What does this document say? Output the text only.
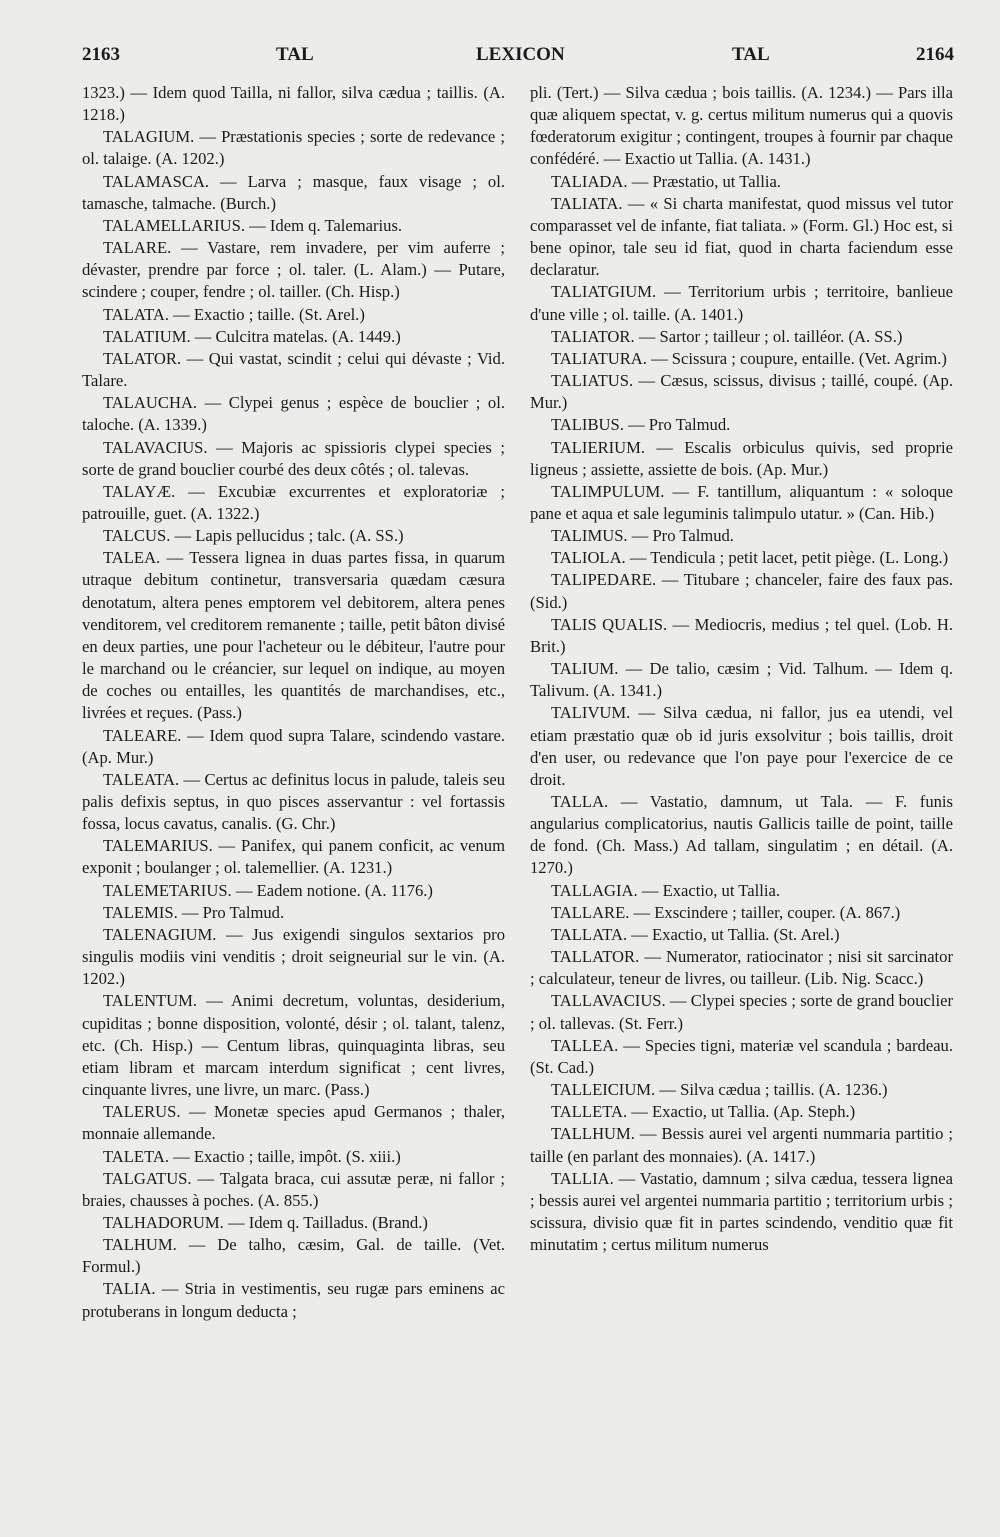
2163	TAL	LEXICON	TAL	2164

1323.) — Idem quod Tailla, ni fallor, silva cædua ; taillis. (A. 1218.)

TALAGIUM. — Præstationis species ; sorte de redevance ; ol. talaige. (A. 1202.)

TALAMASCA. — Larva ; masque, faux visage ; ol. tamasche, talmache. (Burch.)

TALAMELLARIUS. — Idem q. Talemarius.

TALARE. — Vastare, rem invadere, per vim auferre ; dévaster, prendre par force ; ol. taler. (L. Alam.) — Putare, scindere ; couper, fendre ; ol. tailler. (Ch. Hisp.)

TALATA. — Exactio ; taille. (St. Arel.)

TALATIUM. — Culcitra matelas. (A. 1449.)

TALATOR. — Qui vastat, scindit ; celui qui dévaste ; Vid. Talare.

TALAUCHA. — Clypei genus ; espèce de bouclier ; ol. taloche. (A. 1339.)

TALAVACIUS. — Majoris ac spissioris clypei species ; sorte de grand bouclier courbé des deux côtés ; ol. talevas.

TALAYÆ. — Excubiæ excurrentes et exploratoriæ ; patrouille, guet. (A. 1322.)

TALCUS. — Lapis pellucidus ; talc. (A. SS.)

TALEA. — Tessera lignea in duas partes fissa, in quarum utraque debitum continetur, transversaria quædam cæsura denotatum, altera penes emptorem vel debitorem, altera penes venditorem, vel creditorem remanente ; taille, petit bâton divisé en deux parties, une pour l'acheteur ou le débiteur, l'autre pour le marchand ou le créancier, sur lequel on indique, au moyen de coches ou entailles, les quantités de marchandises, etc., livrées et reçues. (Pass.)

TALEARE. — Idem quod supra Talare, scindendo vastare. (Ap. Mur.)

TALEATA. — Certus ac definitus locus in palude, taleis seu palis defixis septus, in quo pisces asservantur : vel fortassis fossa, locus cavatus, canalis. (G. Chr.)

TALEMARIUS. — Panifex, qui panem conficit, ac venum exponit ; boulanger ; ol. talemellier. (A. 1231.)

TALEMETARIUS. — Eadem notione. (A. 1176.)

TALEMIS. — Pro Talmud.

TALENAGIUM. — Jus exigendi singulos sextarios pro singulis modiis vini venditis ; droit seigneurial sur le vin. (A. 1202.)

TALENTUM. — Animi decretum, voluntas, desiderium, cupiditas ; bonne disposition, volonté, désir ; ol. talant, talenz, etc. (Ch. Hisp.) — Centum libras, quinquaginta libras, seu etiam libram et marcam interdum significat ; cent livres, cinquante livres, une livre, un marc. (Pass.)

TALERUS. — Monetæ species apud Germanos ; thaler, monnaie allemande.

TALETA. — Exactio ; taille, impôt. (S. xiii.)

TALGATUS. — Talgata braca, cui assutæ peræ, ni fallor ; braies, chausses à poches. (A. 855.)

TALHADORUM. — Idem q. Tailladus. (Brand.)

TALHUM. — De talho, cæsim, Gal. de taille. (Vet. Formul.)

TALIA. — Stria in vestimentis, seu rugæ pars eminens ac protuberans in longum deducta ;

pli. (Tert.) — Silva cædua ; bois taillis. (A. 1234.) — Pars illa quæ aliquem spectat, v. g. certus militum numerus qui a quovis fœderatorum exigitur ; contingent, troupes à fournir par chaque confédéré. — Exactio ut Tallia. (A. 1431.)

TALIADA. — Præstatio, ut Tallia.

TALIATA. — « Si charta manifestat, quod missus vel tutor comparasset vel de infante, fiat taliata. » (Form. Gl.) Hoc est, si bene opinor, tale seu id fiat, quod in charta faciendum esse declaratur.

TALIATGIUM. — Territorium urbis ; territoire, banlieue d'une ville ; ol. taille. (A. 1401.)

TALIATOR. — Sartor ; tailleur ; ol. tailléor. (A. SS.)

TALIATURA. — Scissura ; coupure, entaille. (Vet. Agrim.)

TALIATUS. — Cæsus, scissus, divisus ; taillé, coupé. (Ap. Mur.)

TALIBUS. — Pro Talmud.

TALIERIUM. — Escalis orbiculus quivis, sed proprie ligneus ; assiette, assiette de bois. (Ap. Mur.)

TALIMPULUM. — F. tantillum, aliquantum : « soloque pane et aqua et sale leguminis talimpulo utatur. » (Can. Hib.)

TALIMUS. — Pro Talmud.

TALIOLA. — Tendicula ; petit lacet, petit piège. (L. Long.)

TALIPEDARE. — Titubare ; chanceler, faire des faux pas. (Sid.)

TALIS QUALIS. — Mediocris, medius ; tel quel. (Lob. H. Brit.)

TALIUM. — De talio, cæsim ; Vid. Talhum. — Idem q. Talivum. (A. 1341.)

TALIVUM. — Silva cædua, ni fallor, jus ea utendi, vel etiam præstatio quæ ob id juris exsolvitur ; bois taillis, droit d'en user, ou redevance que l'on paye pour l'exercice de ce droit.

TALLA. — Vastatio, damnum, ut Tala. — F. funis angularius complicatorius, nautis Gallicis taille de point, taille de fond. (Ch. Mass.) Ad tallam, singulatim ; en détail. (A. 1270.)

TALLAGIA. — Exactio, ut Tallia.

TALLARE. — Exscindere ; tailler, couper. (A. 867.)

TALLATA. — Exactio, ut Tallia. (St. Arel.)

TALLATOR. — Numerator, ratiocinator ; nisi sit sarcinator ; calculateur, teneur de livres, ou tailleur. (Lib. Nig. Scacc.)

TALLAVACIUS. — Clypei species ; sorte de grand bouclier ; ol. tallevas. (St. Ferr.)

TALLEA. — Species tigni, materiæ vel scandula ; bardeau. (St. Cad.)

TALLEICIUM. — Silva cædua ; taillis. (A. 1236.)

TALLETA. — Exactio, ut Tallia. (Ap. Steph.)

TALLHUM. — Bessis aurei vel argenti nummaria partitio ; taille (en parlant des monnaies). (A. 1417.)

TALLIA. — Vastatio, damnum ; silva cædua, tessera lignea ; bessis aurei vel argentei nummaria partitio ; territorium urbis ; scissura, divisio quæ fit in partes scindendo, venditio quæ fit minutatim ; certus militum numerus
